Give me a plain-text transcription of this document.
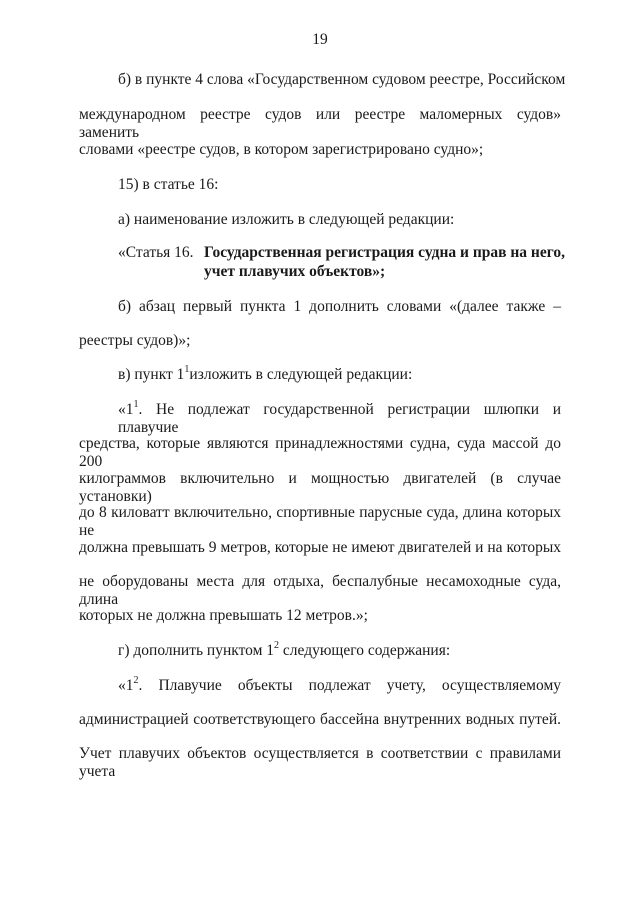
19
б) в пункте 4 слова «Государственном судовом реестре, Российском
международном реестре судов или реестре маломерных судов» заменить
словами «реестре судов, в котором зарегистрировано судно»;
15) в статье 16:
а) наименование изложить в следующей редакции:
«Статья 16. Государственная регистрация судна и прав на него,
учет плавучих объектов»;
б) абзац первый пункта 1 дополнить словами «(далее также –
реестры судов)»;
в) пункт $1^1изложить$ в следующей редакции:
«$1^1$. Не подлежат государственной регистрации шлюпки и плавучие
средства, которые являются принадлежностями судна, суда массой до 200
килограммов включительно и мощностью двигателей (в случае установки)
до 8 киловатт включительно, спортивные парусные суда, длина которых не
должна превышать 9 метров, которые не имеют двигателей и на которых
не оборудованы места для отдыха, беспалубные несамоходные суда, длина
которых не должна превышать 12 метров.»;
г) дополнить пунктом $1^2$ следующего содержания:
«$1^2$. Плавучие объекты подлежат учету, осуществляемому
администрацией соответствующего бассейна внутренних водных путей.
Учет плавучих объектов осуществляется в соответствии с правилами учета
